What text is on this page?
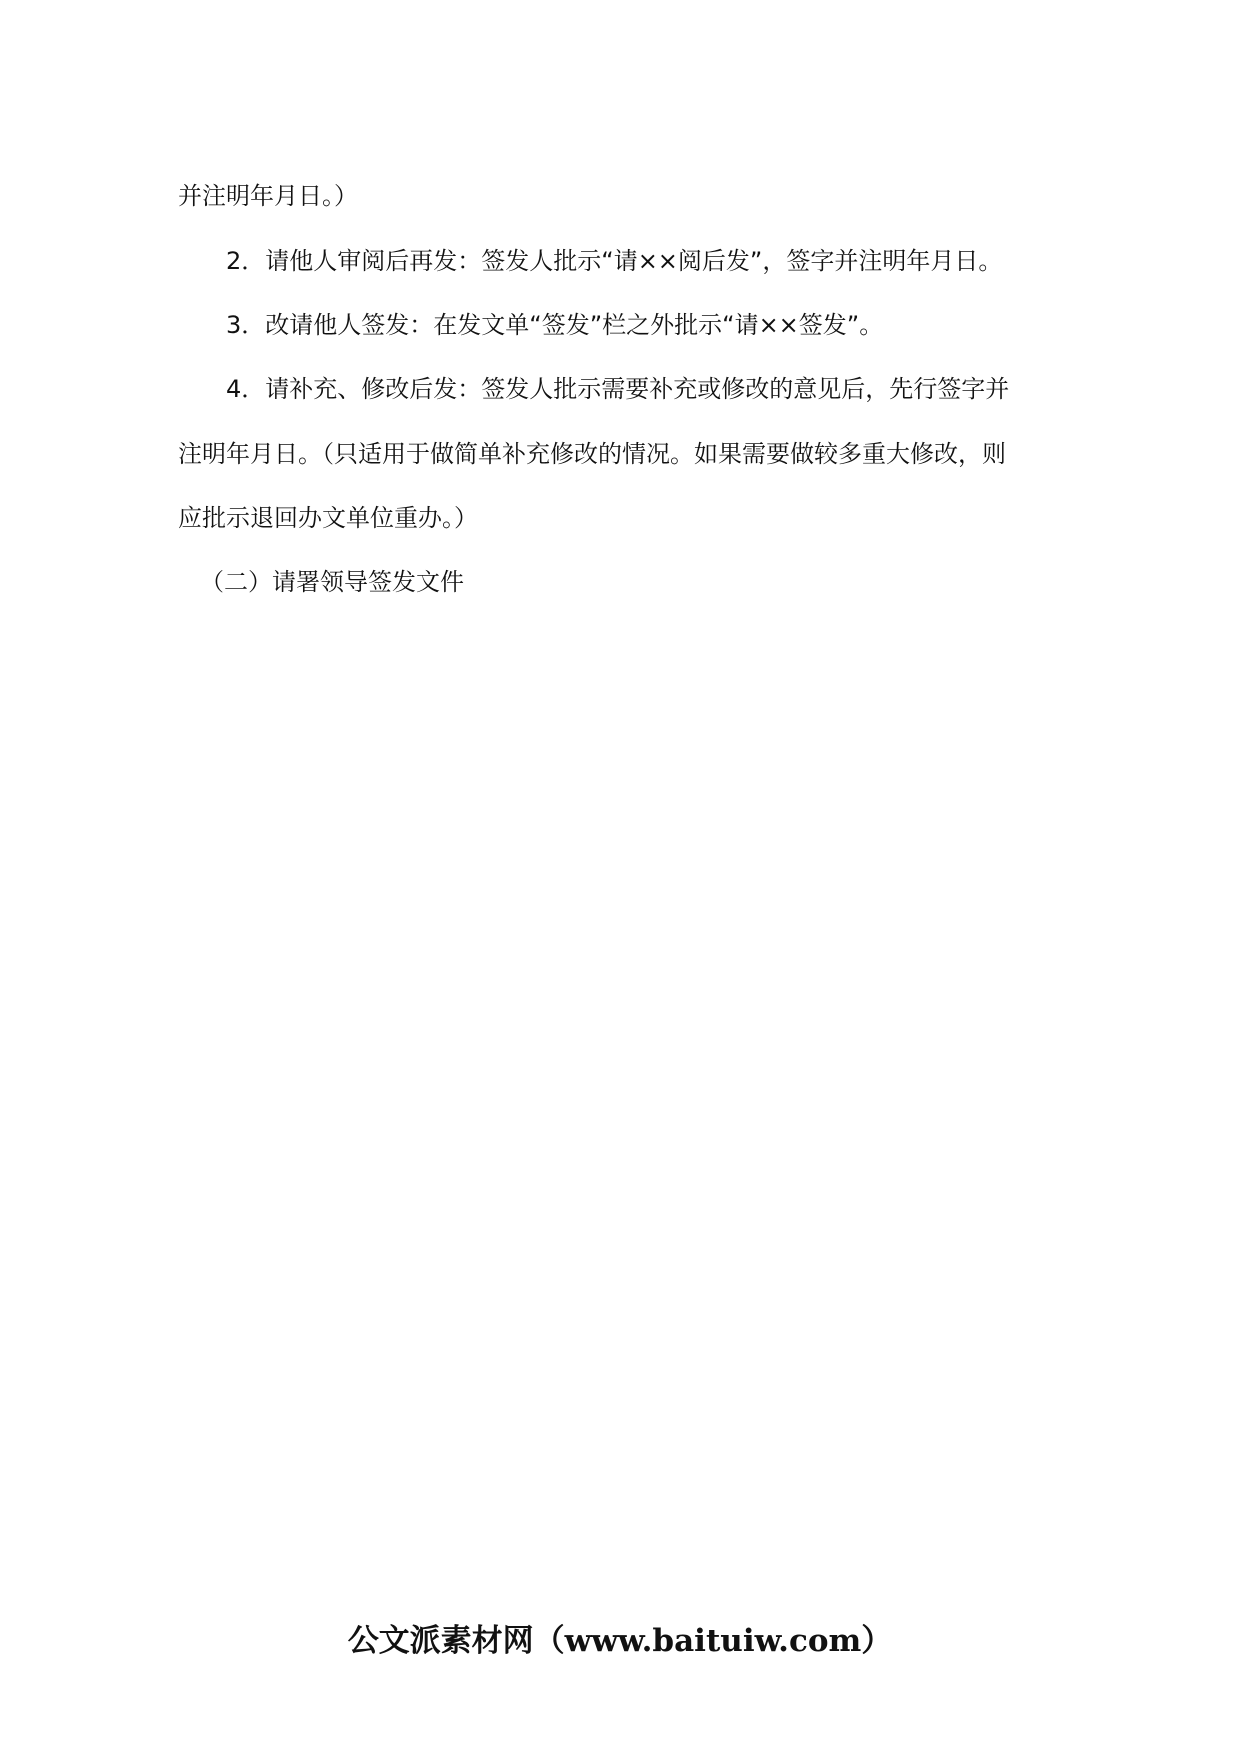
并注明年月日。）
　　2．请他人审阅后再发：签发人批示“请××阅后发”，签字并注明年月日。
　　3．改请他人签发：在发文单“签发”栏之外批示“请××签发”。
　　4．请补充、修改后发：签发人批示需要补充或修改的意见后，先行签字并
注明年月日。（只适用于做简单补充修改的情况。如果需要做较多重大修改，则
应批示退回办文单位重办。）
（二）请署领导签发文件
公文派素材网（www.baituiw.com）
